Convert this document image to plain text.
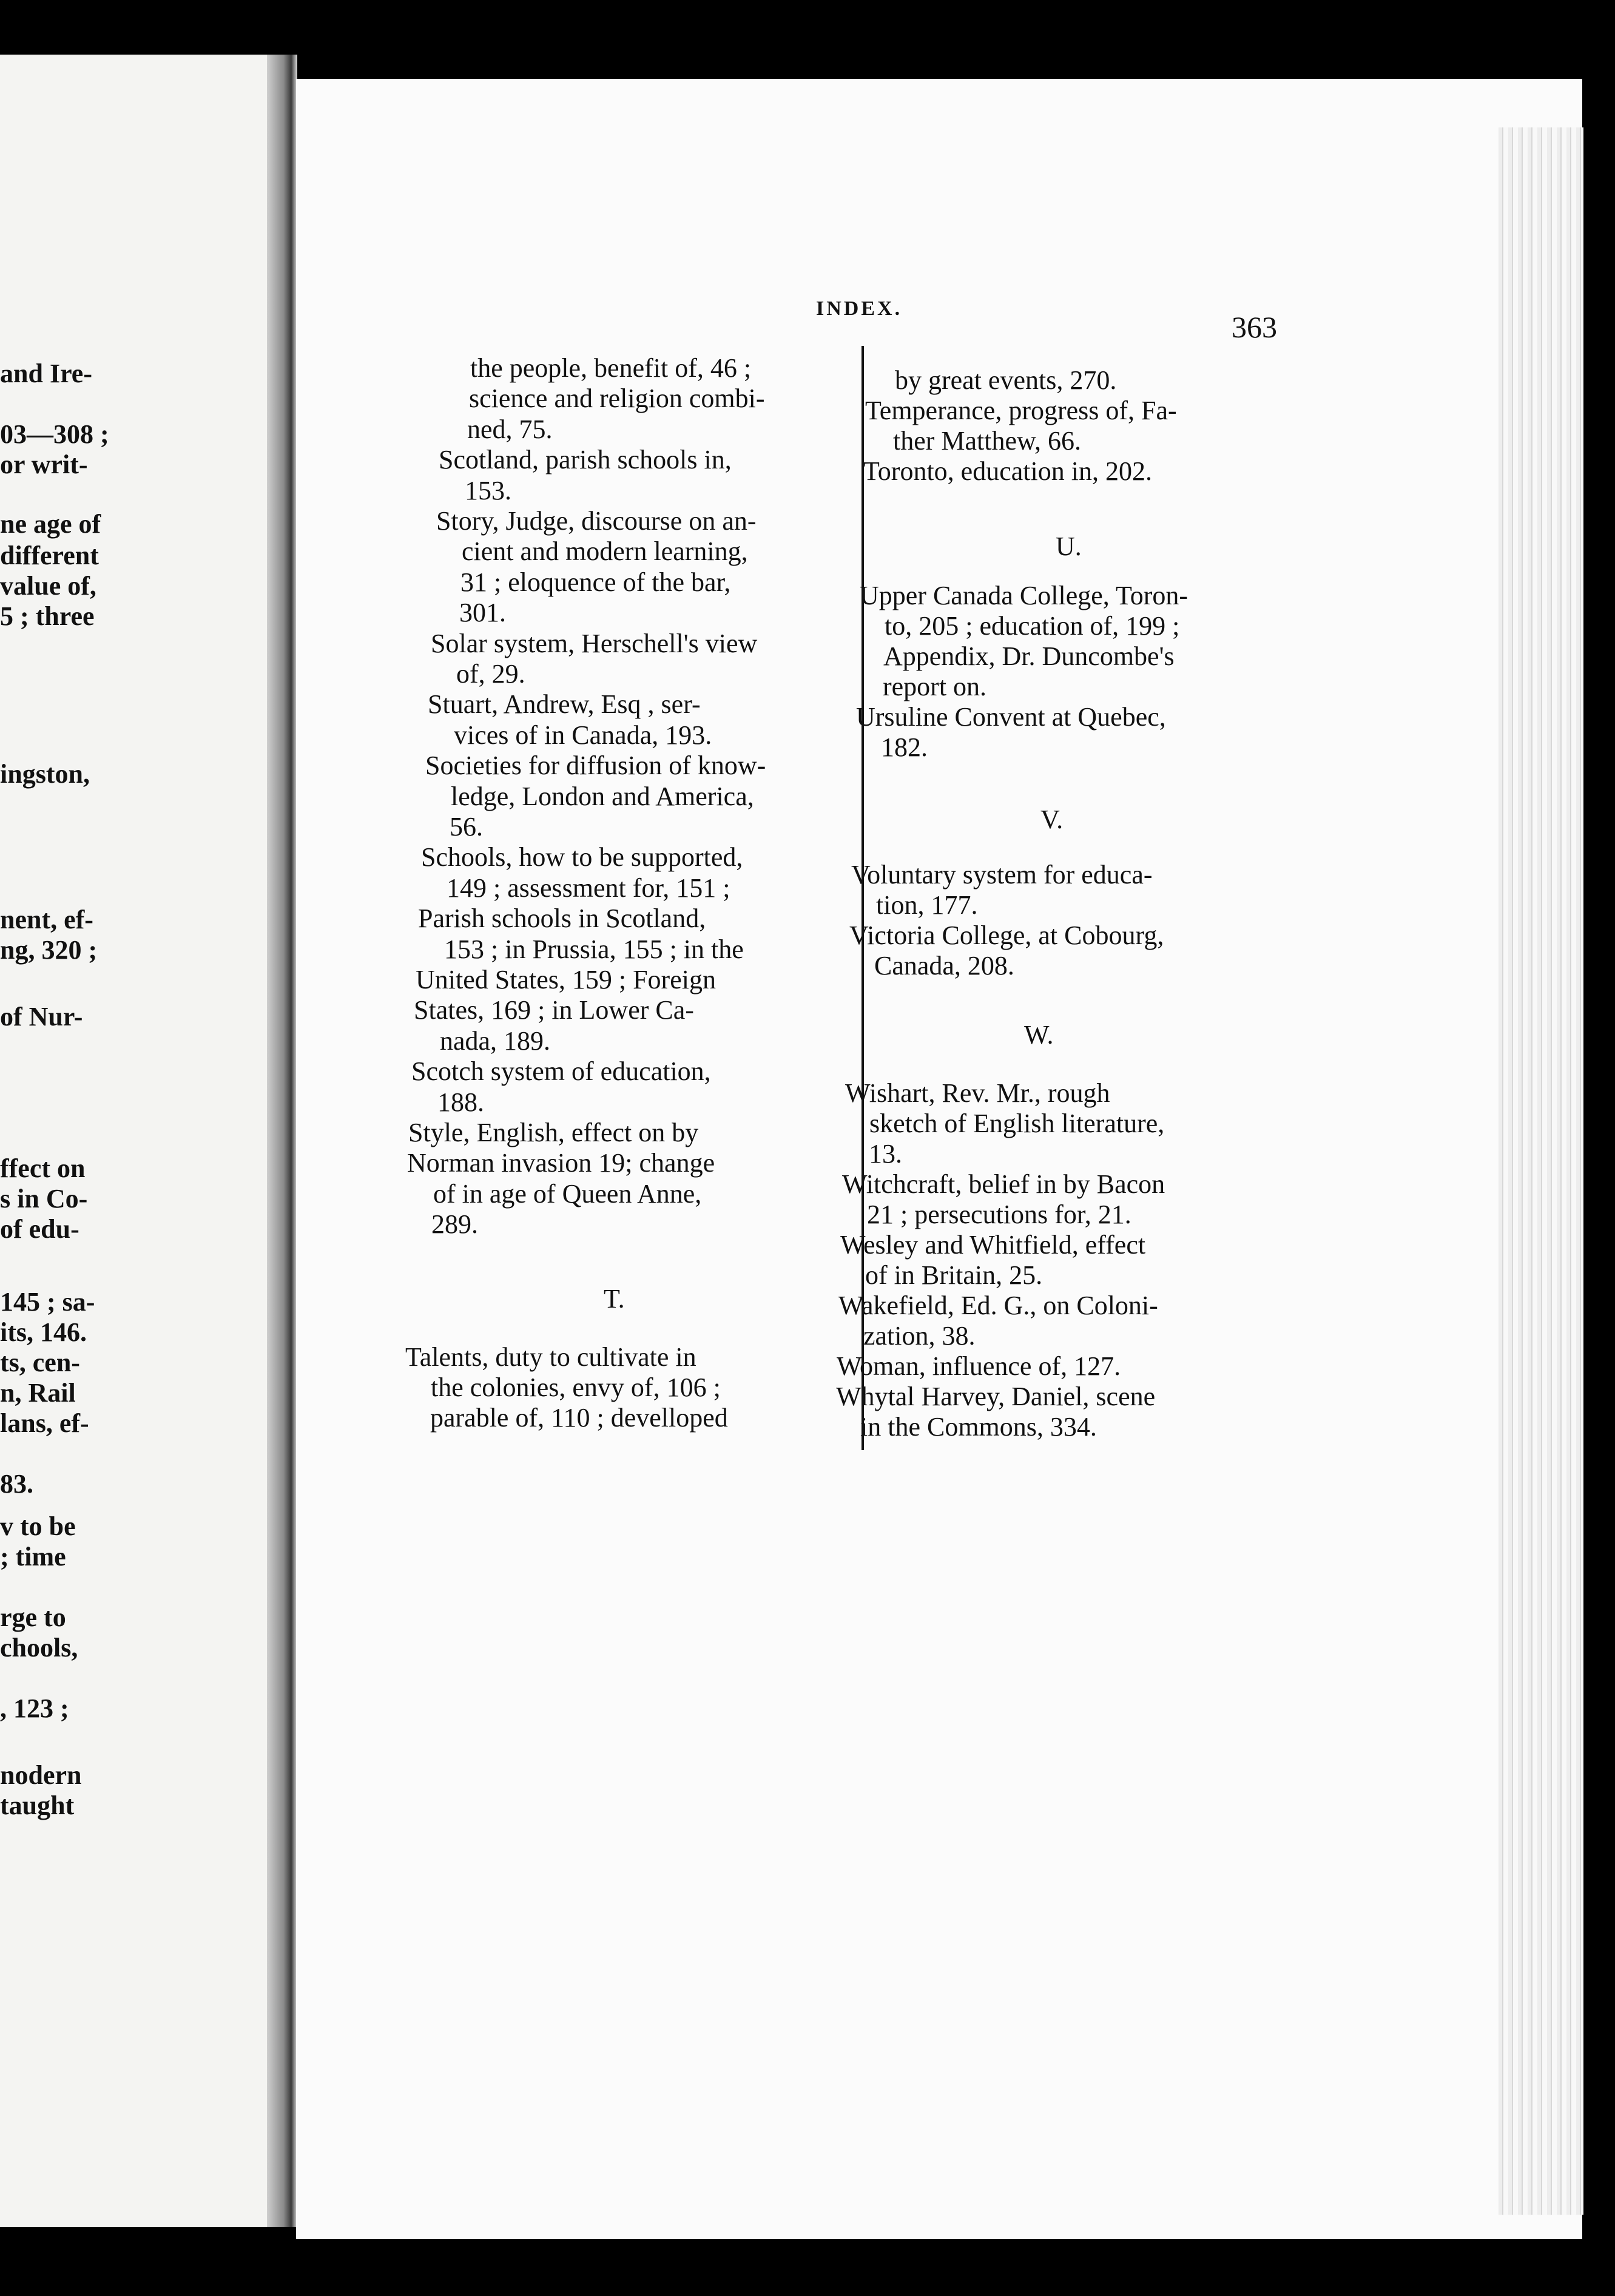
and Ire-
03—308 ;
or writ-
ne age of
different
value of,
5 ; three
ingston,
nent, ef-
ng, 320 ;
of Nur-
ffect on
s in Co-
of edu-
145 ; sa-
its, 146.
ts, cen-
n, Rail
lans, ef-
83.
v to be
; time
rge to
chools,
, 123 ;
nodern
taught
INDEX.
363
the people, benefit of, 46 ;
science and religion combi-
ned, 75.
Scotland, parish schools in,
153.
Story, Judge, discourse on an-
cient and modern learning,
31 ; eloquence of the bar,
301.
Solar system, Herschell's view
of, 29.
Stuart, Andrew, Esq , ser-
vices of in Canada, 193.
Societies for diffusion of know-
ledge, London and America,
56.
Schools, how to be supported,
149 ; assessment for, 151 ;
Parish schools in Scotland,
153 ; in Prussia, 155 ; in the
United States, 159 ; Foreign
States, 169 ; in Lower Ca-
nada, 189.
Scotch system of education,
188.
Style, English, effect on by
Norman invasion 19; change
of in age of Queen Anne,
289.
T.
Talents, duty to cultivate in
the colonies, envy of, 106 ;
parable of, 110 ; develloped
by great events, 270.
Temperance, progress of, Fa-
ther Matthew, 66.
Toronto, education in, 202.
U.
Upper Canada College, Toron-
to, 205 ; education of, 199 ;
Appendix, Dr. Duncombe's
report on.
Ursuline Convent at Quebec,
182.
V.
Voluntary system for educa-
tion, 177.
Victoria College, at Cobourg,
Canada, 208.
W.
Wishart, Rev. Mr., rough
sketch of English literature,
13.
Witchcraft, belief in by Bacon
21 ; persecutions for, 21.
Wesley and Whitfield, effect
of in Britain, 25.
Wakefield, Ed. G., on Coloni-
zation, 38.
Woman, influence of, 127.
Whytal Harvey, Daniel, scene
in the Commons, 334.
